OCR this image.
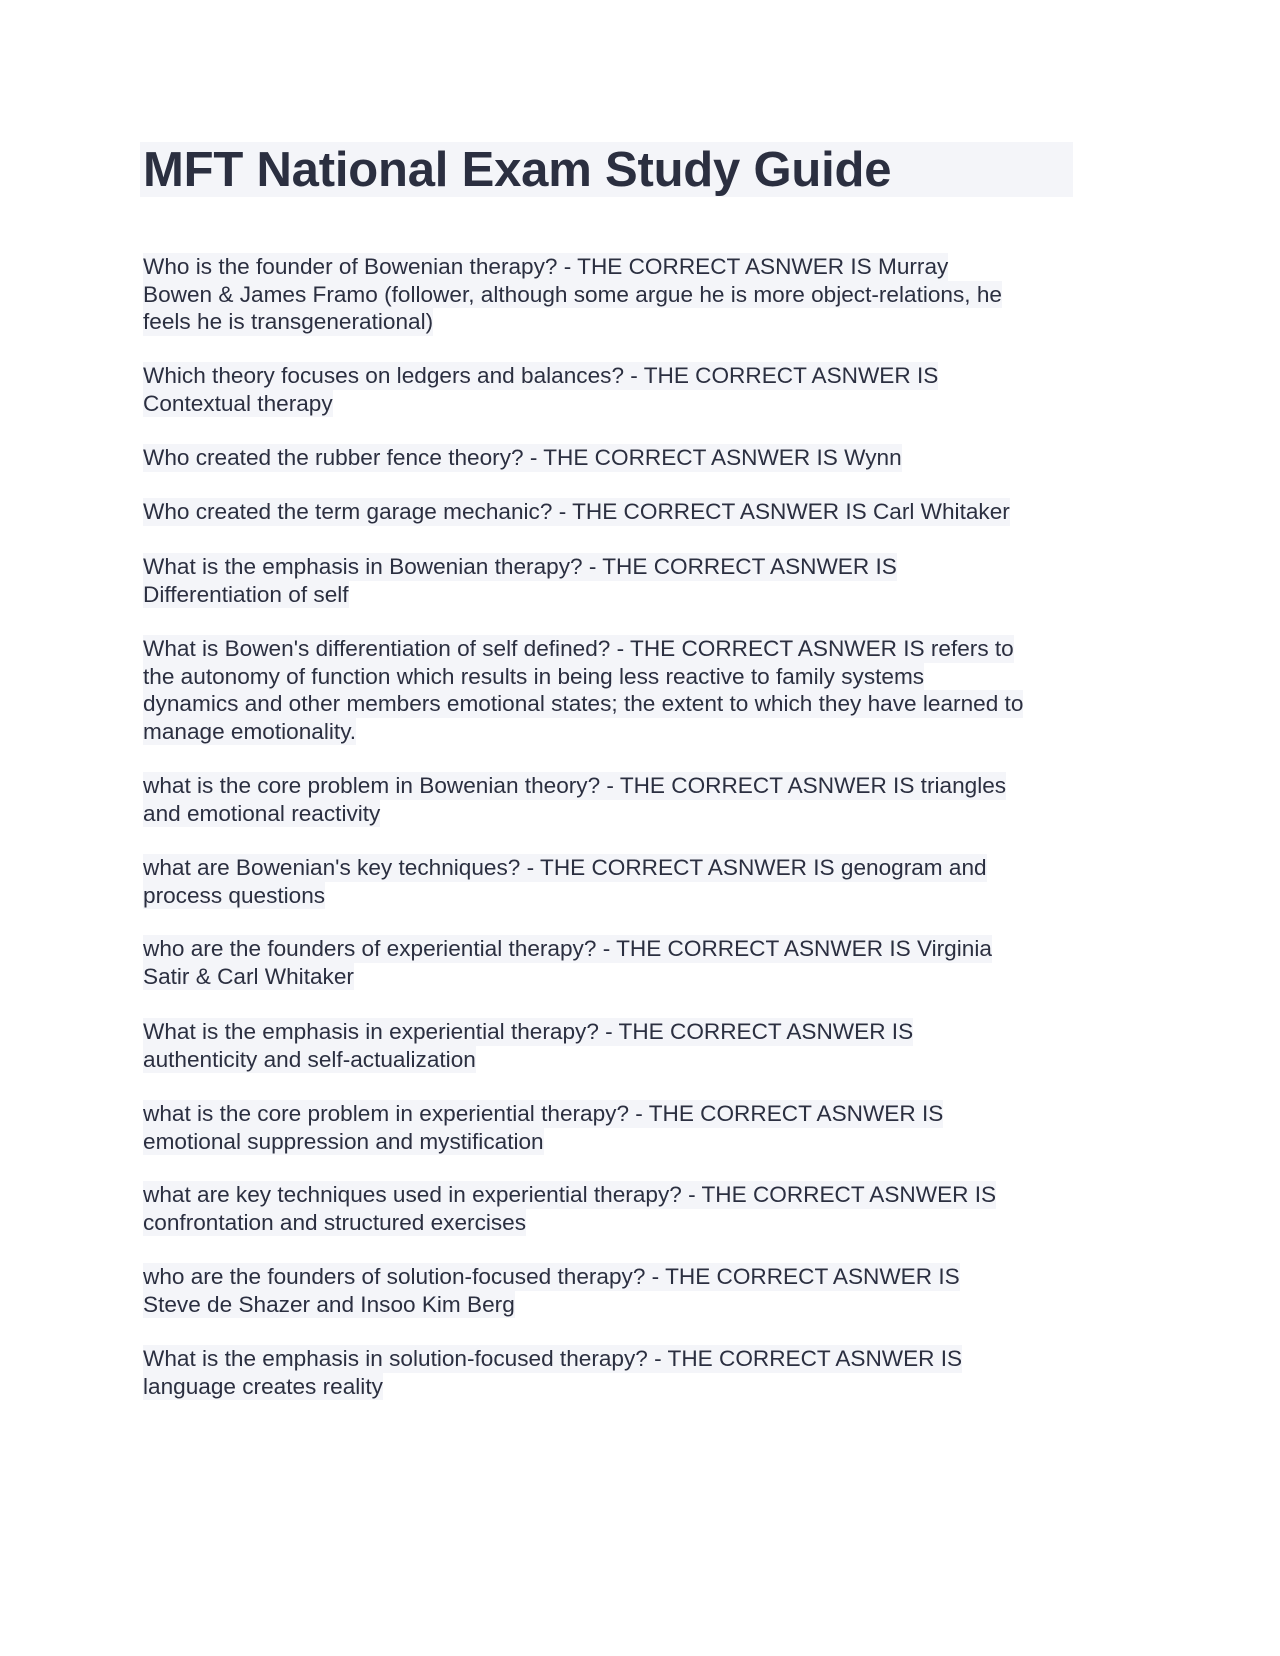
MFT National Exam Study Guide

Who is the founder of Bowenian therapy? - THE CORRECT ASNWER IS Murray
Bowen & James Framo (follower, although some argue he is more object-relations, he
feels he is transgenerational)

Which theory focuses on ledgers and balances? - THE CORRECT ASNWER IS
Contextual therapy

Who created the rubber fence theory? - THE CORRECT ASNWER IS Wynn

Who created the term garage mechanic? - THE CORRECT ASNWER IS Carl Whitaker

What is the emphasis in Bowenian therapy? - THE CORRECT ASNWER IS
Differentiation of self

What is Bowen's differentiation of self defined? - THE CORRECT ASNWER IS refers to
the autonomy of function which results in being less reactive to family systems
dynamics and other members emotional states; the extent to which they have learned to
manage emotionality.

what is the core problem in Bowenian theory? - THE CORRECT ASNWER IS triangles
and emotional reactivity

what are Bowenian's key techniques? - THE CORRECT ASNWER IS genogram and
process questions

who are the founders of experiential therapy? - THE CORRECT ASNWER IS Virginia
Satir & Carl Whitaker

What is the emphasis in experiential therapy? - THE CORRECT ASNWER IS
authenticity and self-actualization

what is the core problem in experiential therapy? - THE CORRECT ASNWER IS
emotional suppression and mystification

what are key techniques used in experiential therapy? - THE CORRECT ASNWER IS
confrontation and structured exercises

who are the founders of solution-focused therapy? - THE CORRECT ASNWER IS
Steve de Shazer and Insoo Kim Berg

What is the emphasis in solution-focused therapy? - THE CORRECT ASNWER IS
language creates reality
